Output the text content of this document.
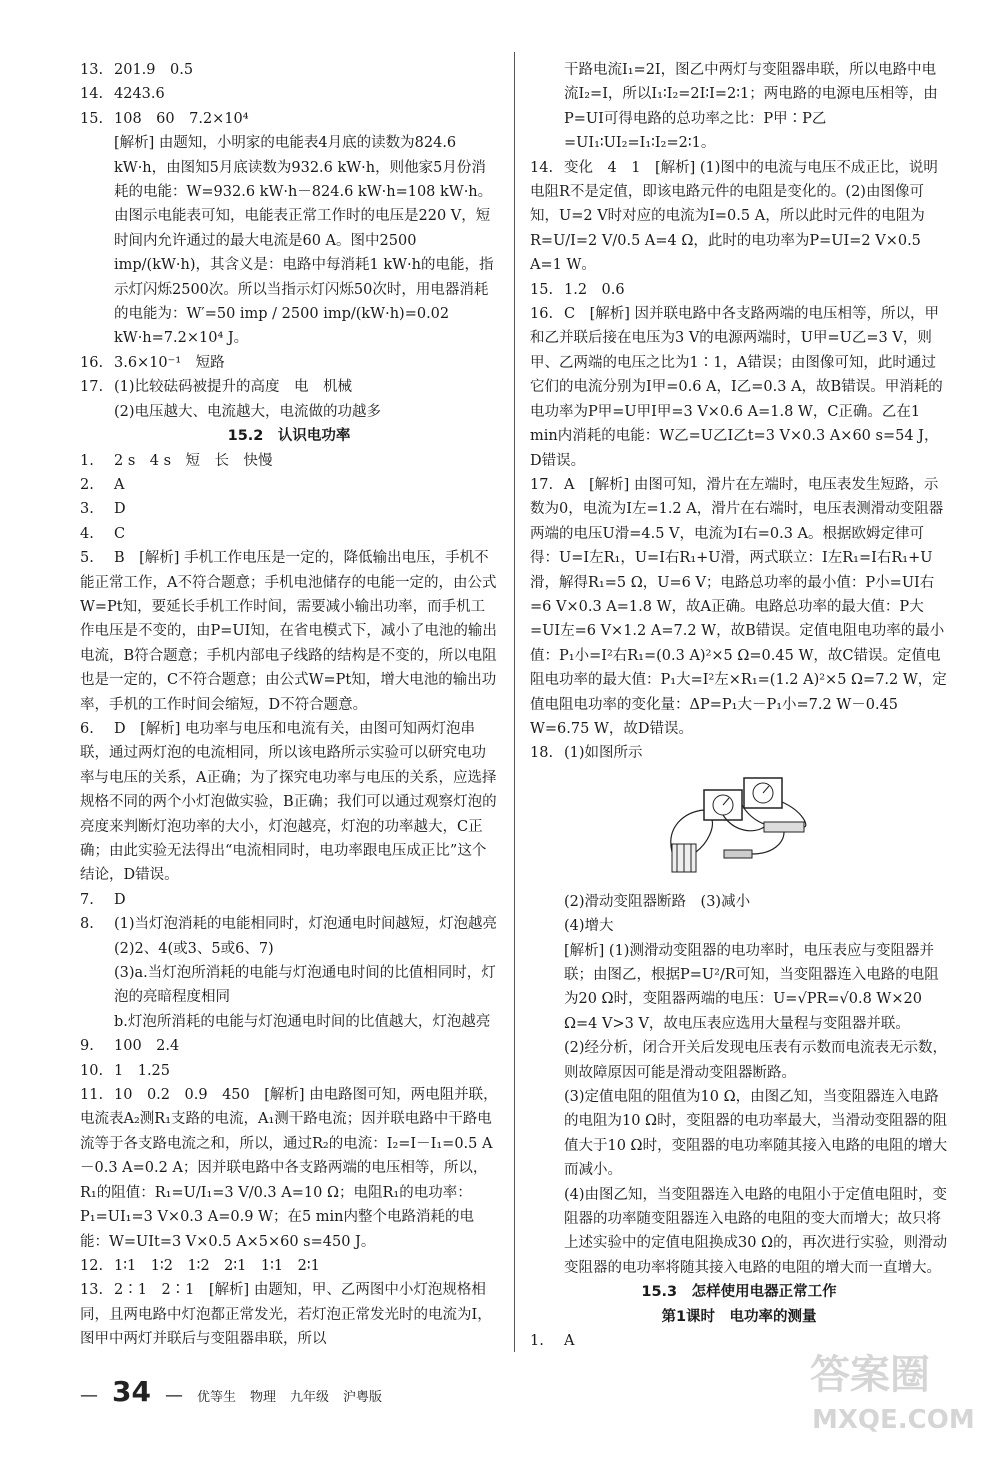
13. 201.9　0.5
14. 4243.6
15. 108　60　7.2×10⁴
[解析] 由题知，小明家的电能表4月底的读数为824.6 kW·h，由图知5月底读数为932.6 kW·h，则他家5月份消耗的电能：W=932.6 kW·h－824.6 kW·h=108 kW·h。由图示电能表可知，电能表正常工作时的电压是220 V，短时间内允许通过的最大电流是60 A。图中2500 imp/(kW·h)，其含义是：电路中每消耗1 kW·h的电能，指示灯闪烁2500次。所以当指示灯闪烁50次时，用电器消耗的电能为：W′=50 imp / 2500 imp/(kW·h)=0.02 kW·h=7.2×10⁴ J。
16. 3.6×10⁻¹　短路
17. (1)比较砝码被提升的高度　电　机械
(2)电压越大、电流越大，电流做的功越多
15.2　认识电功率
1. 2 s　4 s　短　长　快慢
2. A
3. D
4. C
5. B　[解析] 手机工作电压是一定的，降低输出电压，手机不能正常工作，A不符合题意；手机电池储存的电能一定的，由公式W=Pt知，要延长手机工作时间，需要减小输出功率，而手机工作电压是不变的，由P=UI知，在省电模式下，减小了电池的输出电流，B符合题意；手机内部电子线路的结构是不变的，所以电阻也是一定的，C不符合题意；由公式W=Pt知，增大电池的输出功率，手机的工作时间会缩短，D不符合题意。
6. D　[解析] 电功率与电压和电流有关，由图可知两灯泡串联，通过两灯泡的电流相同，所以该电路所示实验可以研究电功率与电压的关系，A正确；为了探究电功率与电压的关系，应选择规格不同的两个小灯泡做实验，B正确；我们可以通过观察灯泡的亮度来判断灯泡功率的大小，灯泡越亮，灯泡的功率越大，C正确；由此实验无法得出“电流相同时，电功率跟电压成正比”这个结论，D错误。
7. D
8. (1)当灯泡消耗的电能相同时，灯泡通电时间越短，灯泡越亮
(2)2、4(或3、5或6、7)
(3)a.当灯泡所消耗的电能与灯泡通电时间的比值相同时，灯泡的亮暗程度相同
b.灯泡所消耗的电能与灯泡通电时间的比值越大，灯泡越亮
9. 100　2.4
10. 1　1.25
11. 10　0.2　0.9　450　[解析] 由电路图可知，两电阻并联，电流表A₂测R₁支路的电流，A₁测干路电流；因并联电路中干路电流等于各支路电流之和，所以，通过R₂的电流：I₂=I－I₁=0.5 A－0.3 A=0.2 A；因并联电路中各支路两端的电压相等，所以，R₁的阻值：R₁=U/I₁=3 V/0.3 A=10 Ω；电阻R₁的电功率：P₁=UI₁=3 V×0.3 A=0.9 W；在5 min内整个电路消耗的电能：W=UIt=3 V×0.5 A×5×60 s=450 J。
12. 1∶1　1∶2　1∶2　2∶1　1∶1　2∶1
13. 2∶1　2∶1　[解析] 由题知，甲、乙两图中小灯泡规格相同，且两电路中灯泡都正常发光，若灯泡正常发光时的电流为I，图甲中两灯并联后与变阻器串联，所以
干路电流I₁=2I，图乙中两灯与变阻器串联，所以电路中电流I₂=I，所以I₁∶I₂=2I∶I=2∶1；两电路的电源电压相等，由P=UI可得电路的总功率之比：P甲∶P乙=UI₁∶UI₂=I₁∶I₂=2∶1。
14. 变化　4　1　[解析] (1)图中的电流与电压不成正比，说明电阻R不是定值，即该电路元件的电阻是变化的。(2)由图像可知，U=2 V时对应的电流为I=0.5 A，所以此时元件的电阻为R=U/I=2 V/0.5 A=4 Ω，此时的电功率为P=UI=2 V×0.5 A=1 W。
15. 1.2　0.6
16. C　[解析] 因并联电路中各支路两端的电压相等，所以，甲和乙并联后接在电压为3 V的电源两端时，U甲=U乙=3 V，则甲、乙两端的电压之比为1∶1，A错误；由图像可知，此时通过它们的电流分别为I甲=0.6 A，I乙=0.3 A，故B错误。甲消耗的电功率为P甲=U甲I甲=3 V×0.6 A=1.8 W，C正确。乙在1 min内消耗的电能：W乙=U乙I乙t=3 V×0.3 A×60 s=54 J，D错误。
17. A　[解析] 由图可知，滑片在左端时，电压表发生短路，示数为0，电流为I左=1.2 A，滑片在右端时，电压表测滑动变阻器两端的电压U滑=4.5 V，电流为I右=0.3 A。根据欧姆定律可得：U=I左R₁，U=I右R₁+U滑，两式联立：I左R₁=I右R₁+U滑，解得R₁=5 Ω，U=6 V；电路总功率的最小值：P小=UI右=6 V×0.3 A=1.8 W，故A正确。电路总功率的最大值：P大=UI左=6 V×1.2 A=7.2 W，故B错误。定值电阻电功率的最小值：P₁小=I²右R₁=(0.3 A)²×5 Ω=0.45 W，故C错误。定值电阻电功率的最大值：P₁大=I²左×R₁=(1.2 A)²×5 Ω=7.2 W，定值电阻电功率的变化量：ΔP=P₁大－P₁小=7.2 W－0.45 W=6.75 W，故D错误。
18. (1)如图所示
(2)滑动变阻器断路　(3)减小
(4)增大
[解析] (1)测滑动变阻器的电功率时，电压表应与变阻器并联；由图乙，根据P=U²/R可知，当变阻器连入电路的电阻为20 Ω时，变阻器两端的电压：U=√PR=√0.8 W×20 Ω=4 V>3 V，故电压表应选用大量程与变阻器并联。
(2)经分析，闭合开关后发现电压表有示数而电流表无示数，则故障原因可能是滑动变阻器断路。
(3)定值电阻的阻值为10 Ω，由图乙知，当变阻器连入电路的电阻为10 Ω时，变阻器的电功率最大，当滑动变阻器的阻值大于10 Ω时，变阻器的电功率随其接入电路的电阻的增大而减小。
(4)由图乙知，当变阻器连入电路的电阻小于定值电阻时，变阻器的功率随变阻器连入电路的电阻的变大而增大；故只将上述实验中的定值电阻换成30 Ω的，再次进行实验，则滑动变阻器的电功率将随其接入电路的电阻的增大而一直增大。
15.3　怎样使用电器正常工作
第1课时　电功率的测量
1. A
— 34 — 优等生 物理 九年级 沪粤版	答案圈
MXQE.COM
